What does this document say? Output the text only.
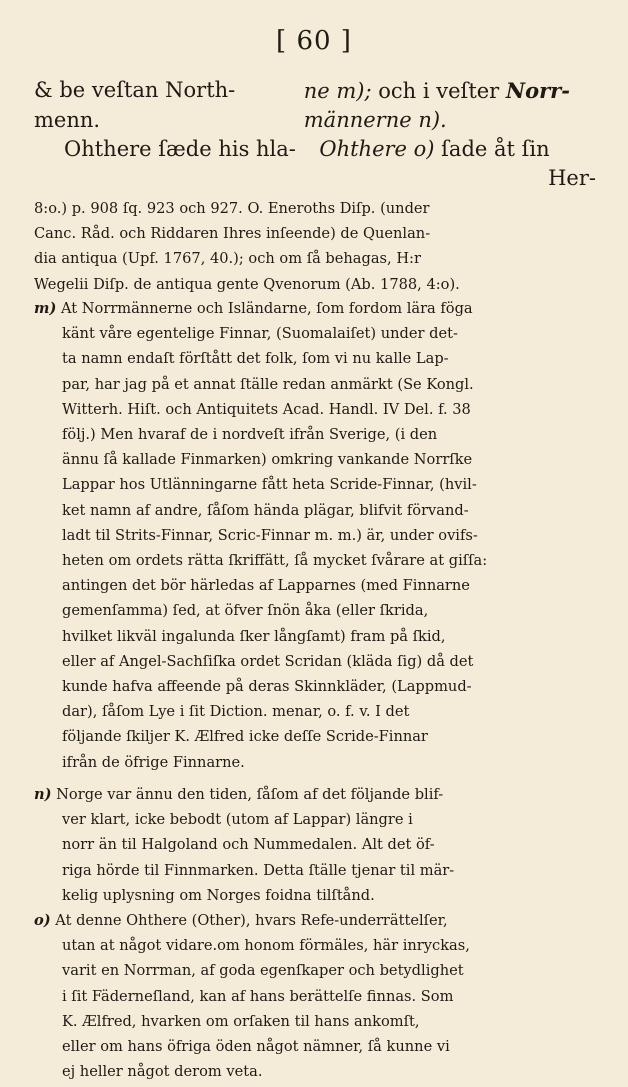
[ 60 ]
& be veſtan North-	ne m); och i veſter Norr-
menn.	männerne n).
Ohthere ſæde his hla-	Ohthere o) ſade åt ſin
Her-

8:o.) p. 908 ſq. 923 och 927. O. Eneroths Diſp. (under

Canc. Råd. och Riddaren Ihres inſeende) de Quenlan-

dia antiqua (Upf. 1767, 40.); och om ſå behagas, H:r

Wegelii Diſp. de antiqua gente Qvenorum (Ab. 1788, 4:o).

m) At Norrmännerne och Isländarne, ſom fordom lära föga

känt våre egentelige Finnar, (Suomalaiſet) under det-

ta namn endaſt förſtått det folk, ſom vi nu kalle Lap-

par, har jag på et annat ſtälle redan anmärkt (Se Kongl.

Witterh. Hiſt. och Antiquitets Acad. Handl. IV Del. f. 38

följ.) Men hvaraf de i nordveſt ifrån Sverige, (i den

ännu ſå kallade Finmarken) omkring vankande Norrſke

Lappar hos Utlänningarne fått heta Scride-Finnar, (hvil-

ket namn af andre, ſåſom hända plägar, blifvit förvand-

ladt til Strits-Finnar, Scric-Finnar m. m.) är, under ovifs-

heten om ordets rätta ſkriffätt, ſå mycket ſvårare at giſſa:

antingen det bör härledas af Lapparnes (med Finnarne

gemenſamma) ſed, at öfver ſnön åka (eller ſkrida,

hvilket likväl ingalunda ſker långſamt) fram på ſkid,

eller af Angel-Sachſiſka ordet Scridan (kläda ſig) då det

kunde hafva affeende på deras Skinnkläder, (Lappmud-

dar), ſåſom Lye i ſit Diction. menar, o. f. v. I det

följande ſkiljer K. Ælfred icke deſſe Scride-Finnar

ifrån de öfrige Finnarne.

n) Norge var ännu den tiden, ſåſom af det följande blif-

ver klart, icke bebodt (utom af Lappar) längre i

norr än til Halgoland och Nummedalen. Alt det öf-

riga hörde til Finnmarken. Detta ſtälle tjenar til mär-

kelig uplysning om Norges foidna tilſtånd.

o) At denne Ohthere (Other), hvars Refe-underrättelſer,

utan at något vidare.om honom förmäles, här inryckas,

varit en Norrman, af goda egenſkaper och betydlighet

i ſit Fäderneſland, kan af hans berättelſe finnas. Som

K. Ælfred, hvarken om orſaken til hans ankomſt,

eller om hans öfriga öden något nämner, ſå kunne vi

ej heller något derom veta.
